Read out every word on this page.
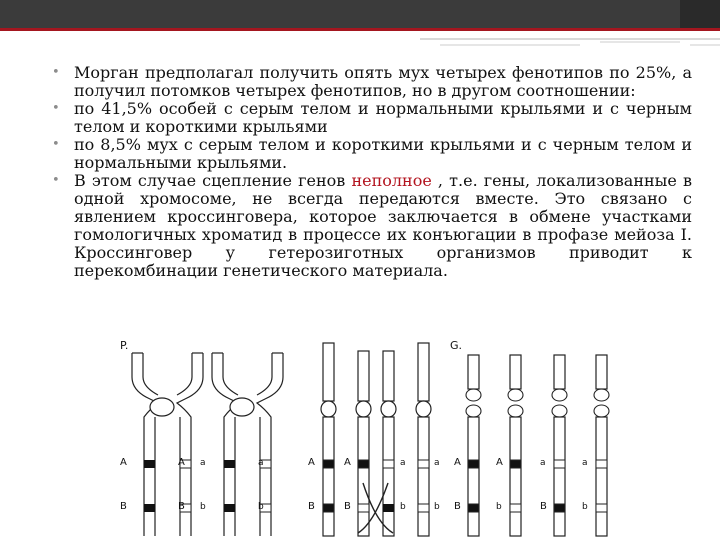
• Морган предполагал получить опять мух четырех фенотипов по 25%, а получил потомков четырех фенотипов, но в другом соотношении:

• по 41,5% особей с серым телом и нормальными крыльями и с черным телом и короткими крыльями

• по 8,5% мух с серым телом и короткими крыльями и с черным телом и нормальными крыльями.

• В этом случае сцепление генов неполное , т.е. гены, локализованные в одной хромосоме, не всегда передаются вместе. Это связано с явлением кроссинговера, которое заключается в обмене участками гомологичных хроматид в процессе их конъюгации в профазе мейоза I. Кроссинговер у гетерозиготных организмов приводит к перекомбинации генетического материала.

P.	G.
A
B
A
B
a
b
a
b
A
B
A
B
a
b
a
b
A
B
A
b
a
B
a
b
